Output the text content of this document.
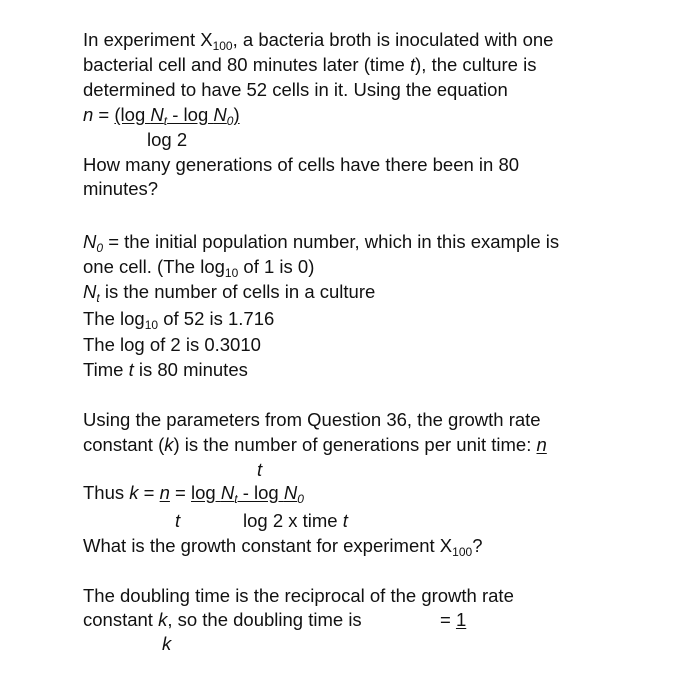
In experiment $X_{100}$, a bacteria broth is inoculated with one
bacterial cell and 80 minutes later (time t), the culture is
determined to have 52 cells in it. Using the equation
n = (log $N_t$ - $\log N_0$)
log 2
How many generations of cells have there been in 80
minutes?
$N_0$ = the initial population number, which in this example is
one cell. (The $\log_{10}$ of 1 is 0)
$N_t$ is the number of cells in a culture
The $\log_{10}$ of 52 is 1.716
The log of 2 is 0.3010
Time t is 80 minutes
Using the parameters from Question 36, the growth rate
constant (k) is the number of generations per unit time: n
t
Thus $k = n = \log N_t - \log N_0$
t	log 2 x time t
What is the growth constant for experiment $X_{100}$?
The doubling time is the reciprocal of the growth rate
constant k, so the doubling time is	= 1
k
